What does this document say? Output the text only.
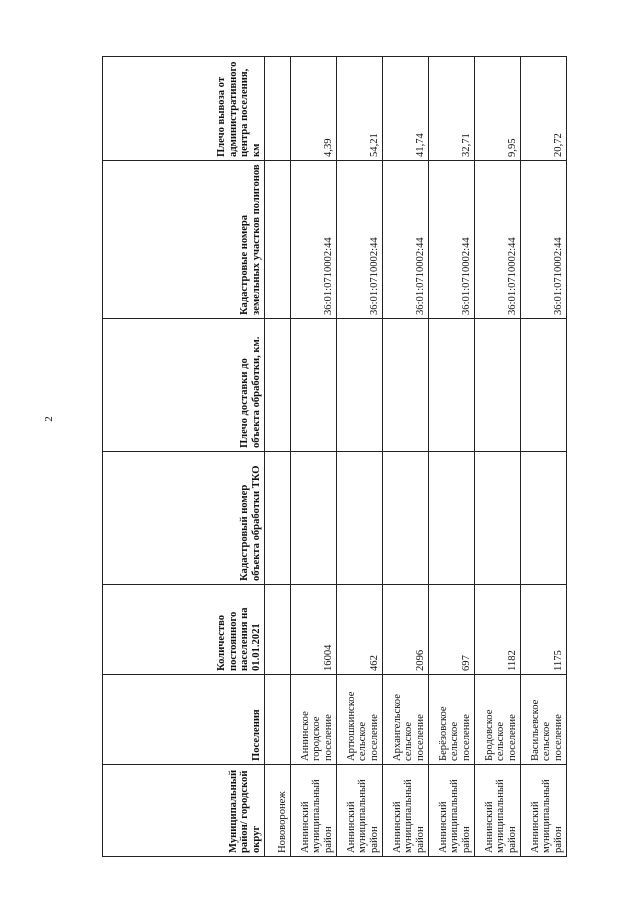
2
Муниципальный район/ городской округ	Поселения	Количество постоянного населения на 01.01.2021	Кадастровый номер объекта обработки ТКО	Плечо доставки до объекта обработки, км.	Кадастровые номера земельных участков полигонов	Плечо вывоза от административного центра поселения, км
Нововоронеж						
Аннинский муниципальный район	Аннинское городское поселение	16004			36:01:0710002:44	4,39
Аннинский муниципальный район	Артюшкинское сельское поселение	462			36:01:0710002:44	54,21
Аннинский муниципальный район	Архангельское сельское поселение	2096			36:01:0710002:44	41,74
Аннинский муниципальный район	Берёзовское сельское поселение	697			36:01:0710002:44	32,71
Аннинский муниципальный район	Бродовское сельское поселение	1182			36:01:0710002:44	9,95
Аннинский муниципальный район	Васильевское сельское поселение	1175			36:01:0710002:44	20,72
